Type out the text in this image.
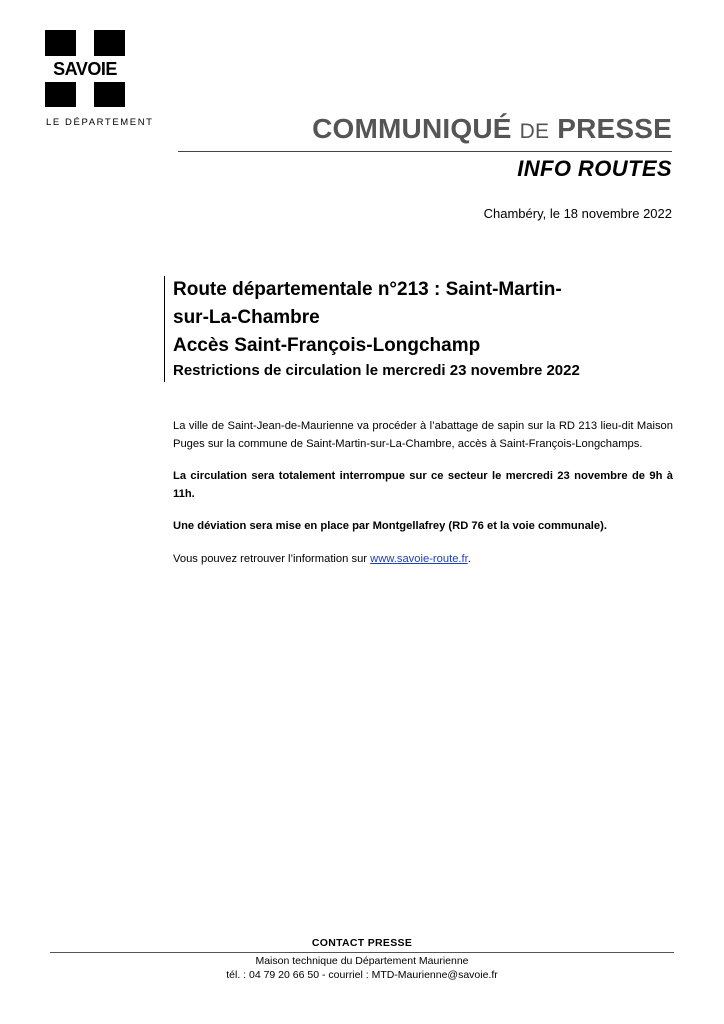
SAVOIE
LE DÉPARTEMENT	COMMUNIQUÉ DE PRESSE
INFO ROUTES
Chambéry, le 18 novembre 2022
Route départementale n°213 : Saint-Martin-
sur-La-Chambre
Accès Saint-François-Longchamp
Restrictions de circulation le mercredi 23 novembre 2022

La ville de Saint-Jean-de-Maurienne va procéder à l’abattage de sapin sur la RD 213 lieu-dit Maison Puges sur la commune de Saint-Martin-sur-La-Chambre, accès à Saint-François-Longchamps.

La circulation sera totalement interrompue sur ce secteur le mercredi 23 novembre de 9h à 11h.

Une déviation sera mise en place par Montgellafrey (RD 76 et la voie communale).

Vous pouvez retrouver l’information sur www.savoie-route.fr.

CONTACT PRESSE
Maison technique du Département Maurienne
tél. : 04 79 20 66 50 - courriel : MTD-Maurienne@savoie.fr
